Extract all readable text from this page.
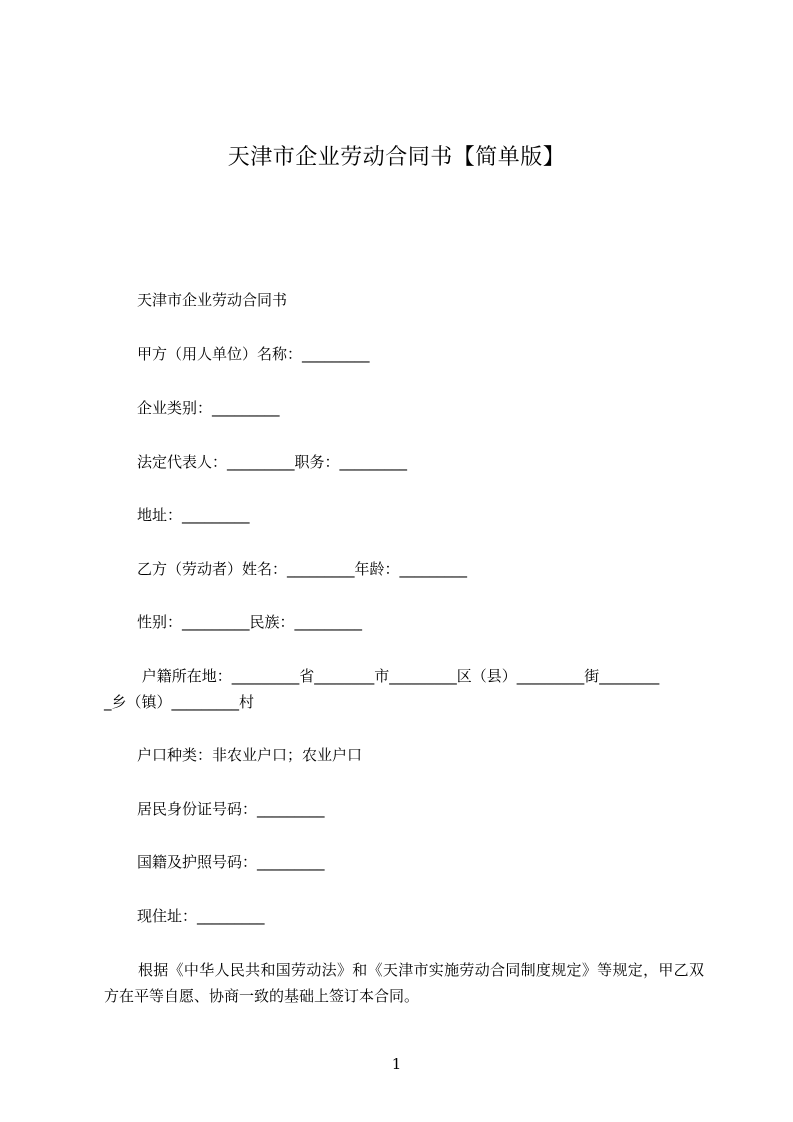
天津市企业劳动合同书【简单版】
天津市企业劳动合同书
甲方（用人单位）名称：_________
企业类别：_________
法定代表人：_________职务：_________
地址：_________
乙方（劳动者）姓名：_________年龄：_________
性别：_________民族：_________
户籍所在地：_________省________市_________区（县）_________街________
_乡（镇）_________村
户口种类：非农业户口；农业户口
居民身份证号码：_________
国籍及护照号码：_________
现住址：_________
根据《中华人民共和国劳动法》和《天津市实施劳动合同制度规定》等规定，甲乙双方在平等自愿、协商一致的基础上签订本合同。
1
